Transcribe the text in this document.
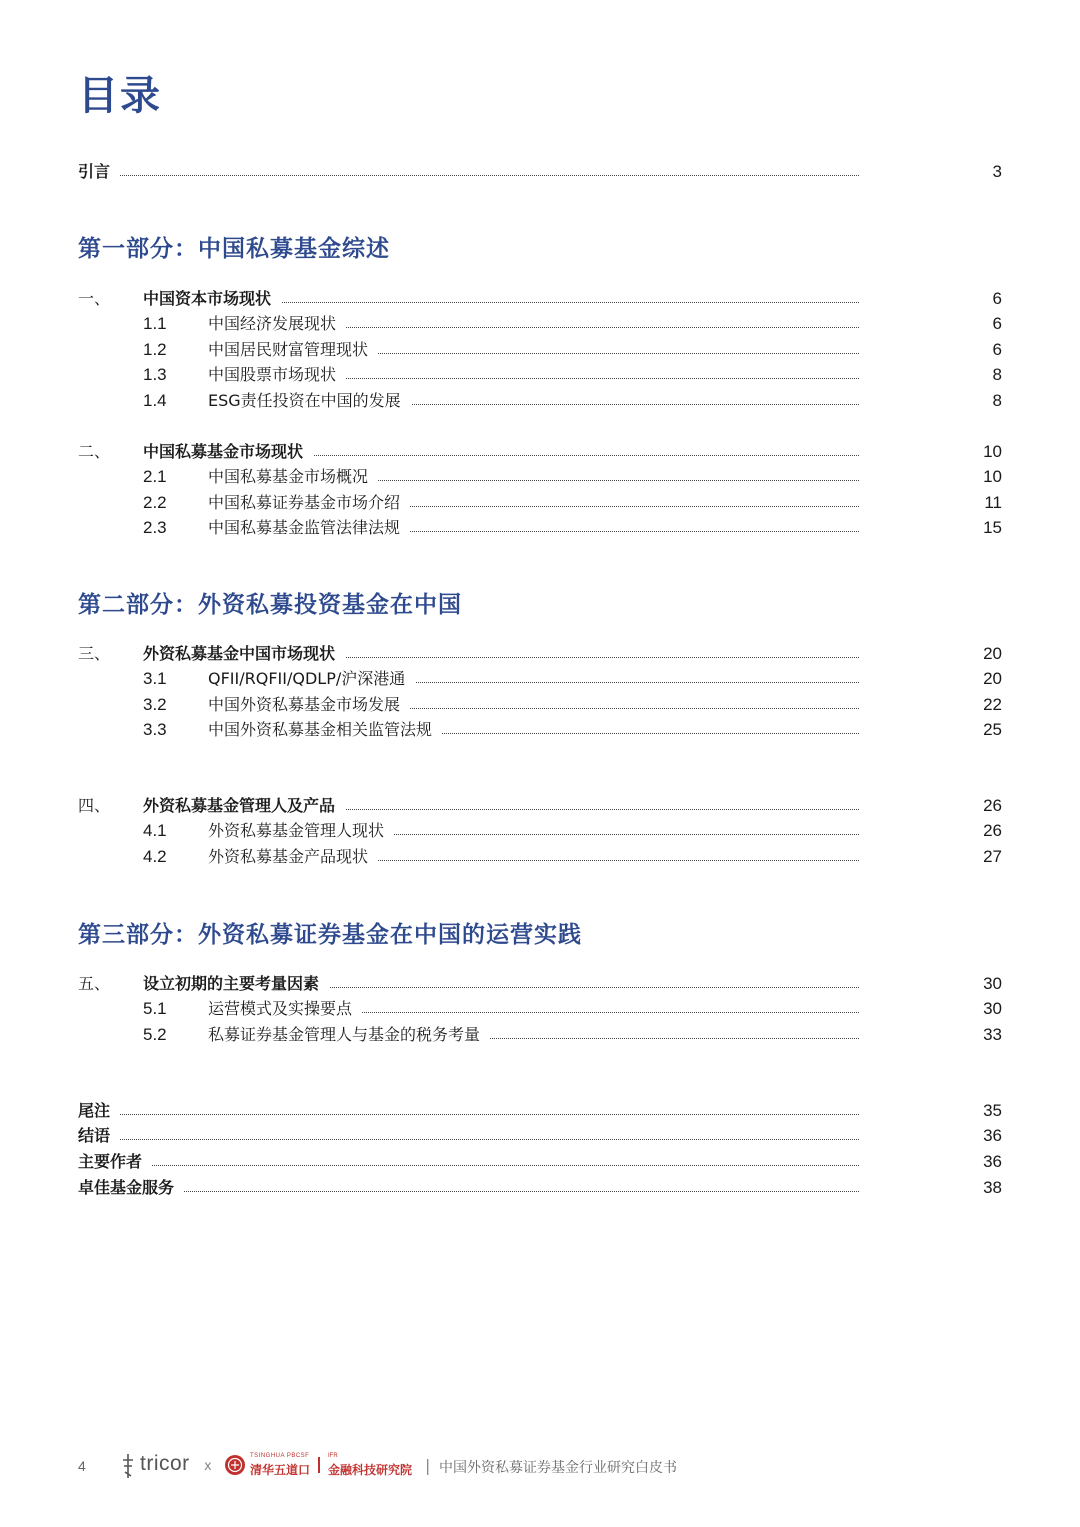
目录
引言	3
第一部分：中国私募基金综述
一、 中国资本市场现状	6
1.1	中国经济发展现状	6
1.2	中国居民财富管理现状	6
1.3	中国股票市场现状	8
1.4	ESG责任投资在中国的发展	8
二、 中国私募基金市场现状	10
2.1	中国私募基金市场概况	10
2.2	中国私募证券基金市场介绍	11
2.3	中国私募基金监管法律法规	15
第二部分：外资私募投资基金在中国
三、 外资私募基金中国市场现状	20
3.1	QFII/RQFII/QDLP/沪深港通	20
3.2	中国外资私募基金市场发展	22
3.3	中国外资私募基金相关监管法规	25
四、 外资私募基金管理人及产品	26
4.1	外资私募基金管理人现状	26
4.2	外资私募基金产品现状	27
第三部分：外资私募证券基金在中国的运营实践
五、 设立初期的主要考量因素	30
5.1	运营模式及实操要点	30
5.2	私募证券基金管理人与基金的税务考量	33
尾注	35
结语	36
主要作者	36
卓佳基金服务	38
4	tricor x
TSINGHUA PBCSF
清华五道口
IFR
金融科技研究院 | 中国外资私募证券基金行业研究白皮书
